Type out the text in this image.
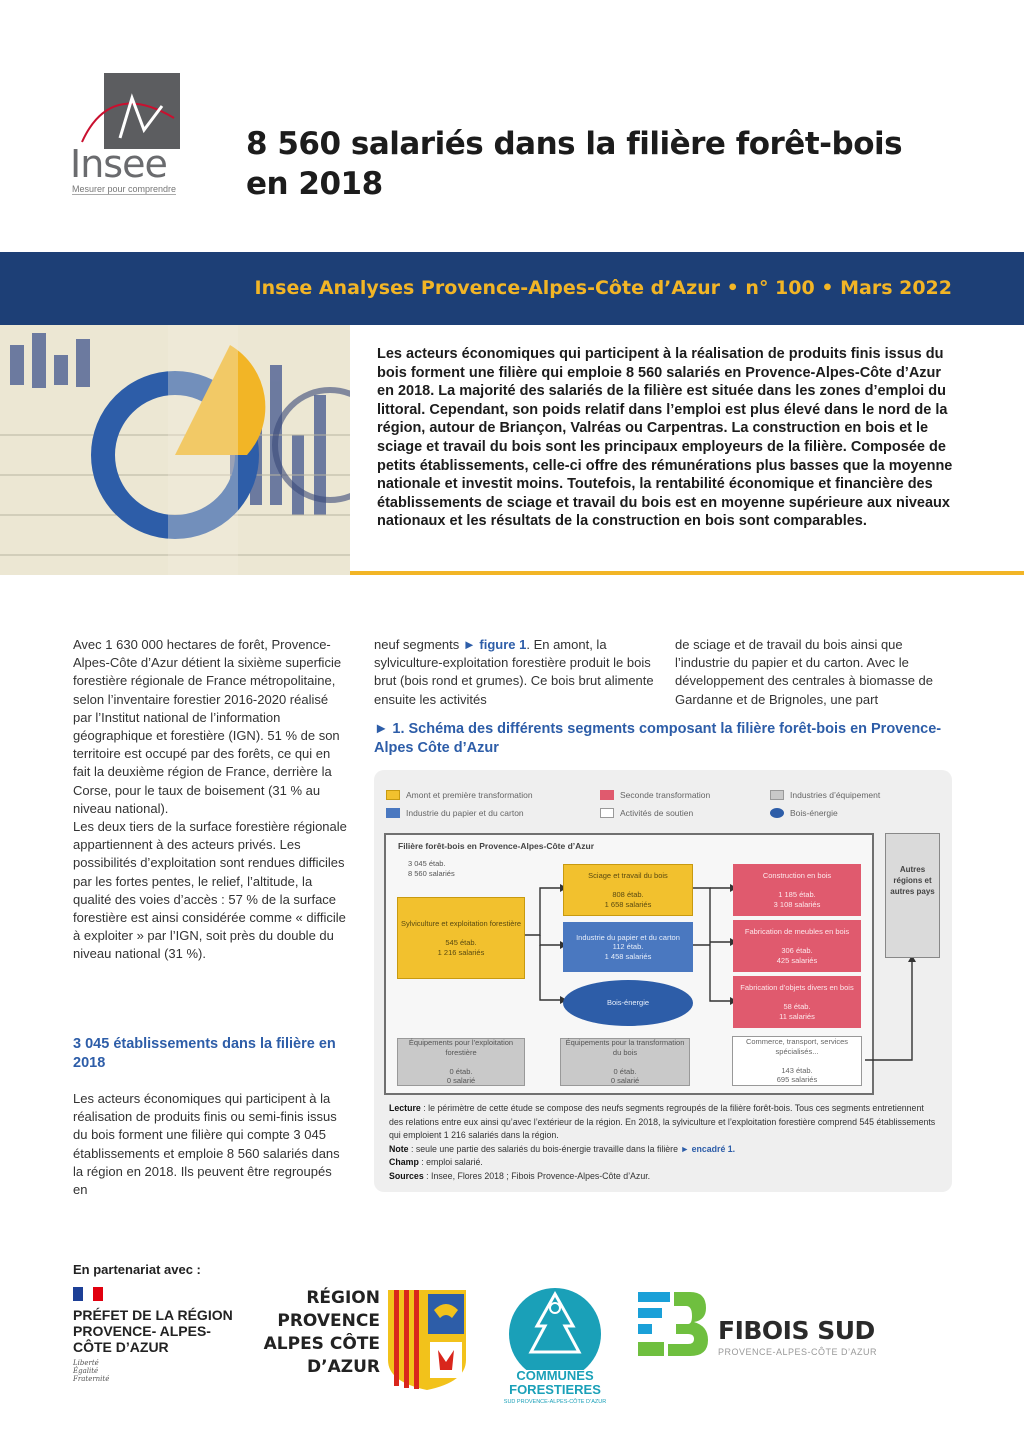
Insee
Mesurer pour comprendre
8 560 salariés dans la filière forêt-bois en 2018
Insee Analyses Provence-Alpes-Côte d’Azur • n° 100 • Mars 2022
Les acteurs économiques qui participent à la réalisation de produits finis issus du bois forment une filière qui emploie 8 560 salariés en Provence-Alpes-Côte d’Azur en 2018. La majorité des salariés de la filière est située dans les zones d’emploi du littoral. Cependant, son poids relatif dans l’emploi est plus élevé dans le nord de la région, autour de Briançon, Valréas ou Carpentras. La construction en bois et le sciage et travail du bois sont les principaux employeurs de la filière. Composée de petits établissements, celle-ci offre des rémunérations plus basses que la moyenne nationale et investit moins. Toutefois, la rentabilité économique et financière des établissements de sciage et travail du bois est en moyenne supérieure aux niveaux nationaux et les résultats de la construction en bois sont comparables.

Avec 1 630 000 hectares de forêt, Provence-Alpes-Côte d’Azur détient la sixième superficie forestière régionale de France métropolitaine, selon l’inventaire forestier 2016-2020 réalisé par l’Institut national de l’information géographique et forestière (IGN). 51 % de son territoire est occupé par des forêts, ce qui en fait la deuxième région de France, derrière la Corse, pour le taux de boisement (31 % au niveau national).

Les deux tiers de la surface forestière régionale appartiennent à des acteurs privés. Les possibilités d’exploitation sont rendues difficiles par les fortes pentes, le relief, l’altitude, la qualité des voies d’accès : 57 % de la surface forestière est ainsi considérée comme « difficile à exploiter » par l’IGN, soit près du double du niveau national (31 %).

3 045 établissements dans la filière en 2018

Les acteurs économiques qui participent à la réalisation de produits finis ou semi-finis issus du bois forment une filière qui compte 3 045 établissements et emploie 8 560 salariés dans la région en 2018. Ils peuvent être regroupés en

neuf segments ► figure 1. En amont, la sylviculture-exploitation forestière produit le bois brut (bois rond et grumes). Ce bois brut alimente ensuite les activités

de sciage et de travail du bois ainsi que l’industrie du papier et du carton. Avec le développement des centrales à biomasse de Gardanne et de Brignoles, une part

► 1. Schéma des différents segments composant la filière forêt-bois en Provence-Alpes Côte d’Azur
Amont et première transformation	Seconde transformation	Industries d’équipement
Industrie du papier et du carton	Activités de soutien	Bois-énergie
Filière forêt-bois en Provence-Alpes-Côte d’Azur
3 045 étab.
8 560 salariés
Sylviculture et exploitation forestière

545 étab.
1 216 salariés
Sciage et travail du bois

808 étab.
1 658 salariés
Industrie du papier et du carton
112 étab.
1 458 salariés
Bois-énergie
Construction en bois

1 185 étab.
3 108 salariés
Fabrication de meubles en bois

306 étab.
425 salariés
Fabrication d’objets divers en bois

58 étab.
11 salariés
Équipements pour l’exploitation forestière

0 étab.
0 salarié
Équipements pour la transformation du bois

0 étab.
0 salarié
Commerce, transport, services spécialisés...

143 étab.
695 salariés
Autres régions et autres pays
Lecture : le périmètre de cette étude se compose des neufs segments regroupés de la filière forêt-bois. Tous ces segments entretiennent des relations entre eux ainsi qu’avec l’extérieur de la région. En 2018, la sylviculture et l’exploitation forestière comprend 545 établissements qui emploient 1 216 salariés dans la région.
Note : seule une partie des salariés du bois-énergie travaille dans la filière ► encadré 1.
Champ : emploi salarié.
Sources : Insee, Flores 2018 ; Fibois Provence-Alpes-Côte d’Azur.
En partenariat avec :
PRÉFET DE LA RÉGION PROVENCE- ALPES- CÔTE D’AZUR
Liberté
Égalité
Fraternité
RÉGION PROVENCE ALPES CÔTE D’AZUR	COMMUNES FORESTIERES
SUD PROVENCE-ALPES-CÔTE D’AZUR
FIBOIS SUD
PROVENCE-ALPES-CÔTE D’AZUR
